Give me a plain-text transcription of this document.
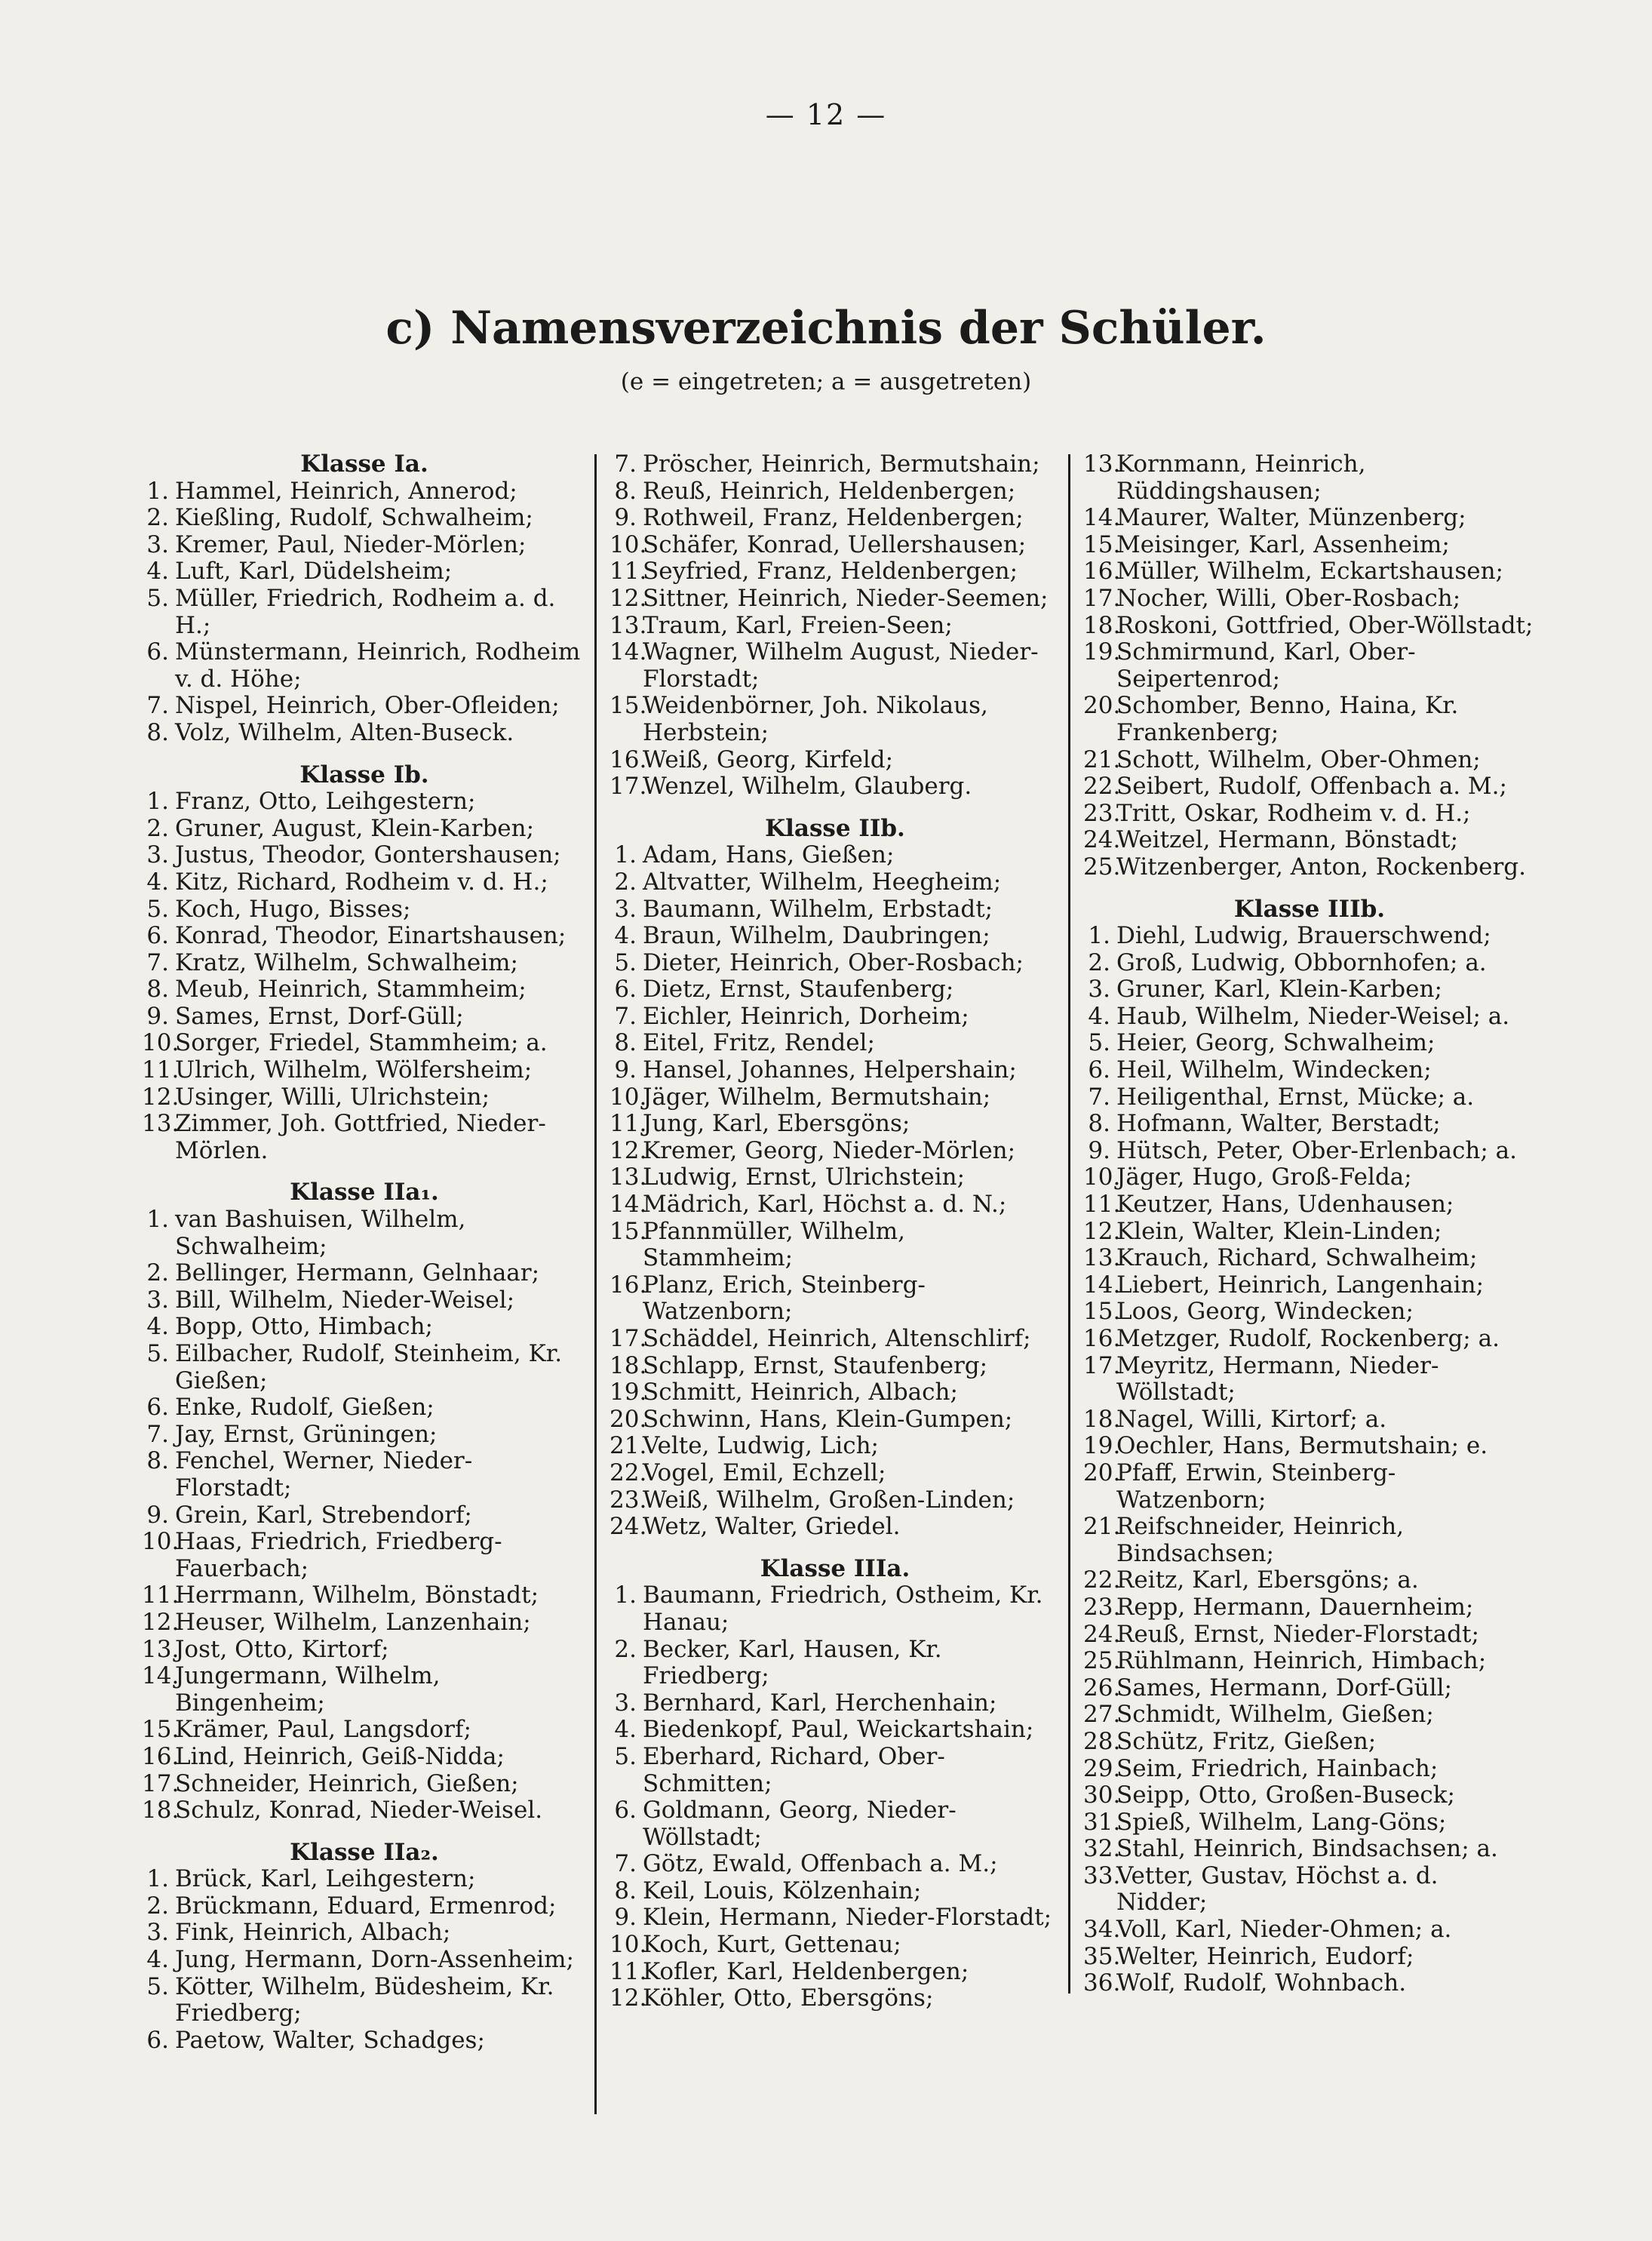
— 12 —
c) Namensverzeichnis der Schüler.
(e = eingetreten; a = ausgetreten)
Klasse Ia.
1. Hammel, Heinrich, Annerod;
2. Kießling, Rudolf, Schwalheim;
3. Kremer, Paul, Nieder-Mörlen;
4. Luft, Karl, Düdelsheim;
5. Müller, Friedrich, Rodheim a. d. H.;
6. Münstermann, Heinrich, Rodheim v. d. Höhe;
7. Nispel, Heinrich, Ober-Ofleiden;
8. Volz, Wilhelm, Alten-Buseck.
Klasse Ib.
1. Franz, Otto, Leihgestern;
2. Gruner, August, Klein-Karben;
3. Justus, Theodor, Gontershausen;
4. Kitz, Richard, Rodheim v. d. H.;
5. Koch, Hugo, Bisses;
6. Konrad, Theodor, Einartshausen;
7. Kratz, Wilhelm, Schwalheim;
8. Meub, Heinrich, Stammheim;
9. Sames, Ernst, Dorf-Güll;
10.
Sorger, Friedel, Stammheim; a.
11.
Ulrich, Wilhelm, Wölfersheim;
12.
Usinger, Willi, Ulrichstein;
13.
Zimmer, Joh. Gottfried, Nieder-Mörlen.
Klasse IIa₁.
1. van Bashuisen, Wilhelm, Schwalheim;
2. Bellinger, Hermann, Gelnhaar;
3. Bill, Wilhelm, Nieder-Weisel;
4. Bopp, Otto, Himbach;
5. Eilbacher, Rudolf, Steinheim, Kr. Gießen;
6. Enke, Rudolf, Gießen;
7. Jay, Ernst, Grüningen;
8. Fenchel, Werner, Nieder-Florstadt;
9. Grein, Karl, Strebendorf;
10.
Haas, Friedrich, Friedberg-Fauerbach;
11.
Herrmann, Wilhelm, Bönstadt;
12.
Heuser, Wilhelm, Lanzenhain;
13.
Jost, Otto, Kirtorf;
14.
Jungermann, Wilhelm, Bingenheim;
15.
Krämer, Paul, Langsdorf;
16.
Lind, Heinrich, Geiß-Nidda;
17.
Schneider, Heinrich, Gießen;
18.
Schulz, Konrad, Nieder-Weisel.
Klasse IIa₂.
1. Brück, Karl, Leihgestern;
2. Brückmann, Eduard, Ermenrod;
3. Fink, Heinrich, Albach;
4. Jung, Hermann, Dorn-Assenheim;
5. Kötter, Wilhelm, Büdesheim, Kr. Friedberg;
6. Paetow, Walter, Schadges;
7. Pröscher, Heinrich, Bermutshain;
8. Reuß, Heinrich, Heldenbergen;
9. Rothweil, Franz, Heldenbergen;
10.
Schäfer, Konrad, Uellershausen;
11.
Seyfried, Franz, Heldenbergen;
12.
Sittner, Heinrich, Nieder-Seemen;
13.
Traum, Karl, Freien-Seen;
14.
Wagner, Wilhelm August, Nieder-Florstadt;
15.
Weidenbörner, Joh. Nikolaus, Herbstein;
16.
Weiß, Georg, Kirfeld;
17.
Wenzel, Wilhelm, Glauberg.
Klasse IIb.
1. Adam, Hans, Gießen;
2. Altvatter, Wilhelm, Heegheim;
3. Baumann, Wilhelm, Erbstadt;
4. Braun, Wilhelm, Daubringen;
5. Dieter, Heinrich, Ober-Rosbach;
6. Dietz, Ernst, Staufenberg;
7. Eichler, Heinrich, Dorheim;
8. Eitel, Fritz, Rendel;
9. Hansel, Johannes, Helpershain;
10.
Jäger, Wilhelm, Bermutshain;
11.
Jung, Karl, Ebersgöns;
12.
Kremer, Georg, Nieder-Mörlen;
13.
Ludwig, Ernst, Ulrichstein;
14.
Mädrich, Karl, Höchst a. d. N.;
15.
Pfannmüller, Wilhelm, Stammheim;
16.
Planz, Erich, Steinberg-Watzenborn;
17.
Schäddel, Heinrich, Altenschlirf;
18.
Schlapp, Ernst, Staufenberg;
19.
Schmitt, Heinrich, Albach;
20.
Schwinn, Hans, Klein-Gumpen;
21.
Velte, Ludwig, Lich;
22.
Vogel, Emil, Echzell;
23.
Weiß, Wilhelm, Großen-Linden;
24.
Wetz, Walter, Griedel.
Klasse IIIa.
1. Baumann, Friedrich, Ostheim, Kr. Hanau;
2. Becker, Karl, Hausen, Kr. Friedberg;
3. Bernhard, Karl, Herchenhain;
4. Biedenkopf, Paul, Weickartshain;
5. Eberhard, Richard, Ober-Schmitten;
6. Goldmann, Georg, Nieder-Wöllstadt;
7. Götz, Ewald, Offenbach a. M.;
8. Keil, Louis, Kölzenhain;
9. Klein, Hermann, Nieder-Florstadt;
10.
Koch, Kurt, Gettenau;
11.
Kofler, Karl, Heldenbergen;
12.
Köhler, Otto, Ebersgöns;
13.
Kornmann, Heinrich, Rüddingshausen;
14.
Maurer, Walter, Münzenberg;
15.
Meisinger, Karl, Assenheim;
16.
Müller, Wilhelm, Eckartshausen;
17.
Nocher, Willi, Ober-Rosbach;
18.
Roskoni, Gottfried, Ober-Wöllstadt;
19.
Schmirmund, Karl, Ober-Seipertenrod;
20.
Schomber, Benno, Haina, Kr. Frankenberg;
21.
Schott, Wilhelm, Ober-Ohmen;
22.
Seibert, Rudolf, Offenbach a. M.;
23.
Tritt, Oskar, Rodheim v. d. H.;
24.
Weitzel, Hermann, Bönstadt;
25.
Witzenberger, Anton, Rockenberg.
Klasse IIIb.
1. Diehl, Ludwig, Brauerschwend;
2. Groß, Ludwig, Obbornhofen; a.
3. Gruner, Karl, Klein-Karben;
4. Haub, Wilhelm, Nieder-Weisel; a.
5. Heier, Georg, Schwalheim;
6. Heil, Wilhelm, Windecken;
7. Heiligenthal, Ernst, Mücke; a.
8. Hofmann, Walter, Berstadt;
9. Hütsch, Peter, Ober-Erlenbach; a.
10.
Jäger, Hugo, Groß-Felda;
11.
Keutzer, Hans, Udenhausen;
12.
Klein, Walter, Klein-Linden;
13.
Krauch, Richard, Schwalheim;
14.
Liebert, Heinrich, Langenhain;
15.
Loos, Georg, Windecken;
16.
Metzger, Rudolf, Rockenberg; a.
17.
Meyritz, Hermann, Nieder-Wöllstadt;
18.
Nagel, Willi, Kirtorf; a.
19.
Oechler, Hans, Bermutshain; e.
20.
Pfaff, Erwin, Steinberg-Watzenborn;
21.
Reifschneider, Heinrich, Bindsachsen;
22.
Reitz, Karl, Ebersgöns; a.
23.
Repp, Hermann, Dauernheim;
24.
Reuß, Ernst, Nieder-Florstadt;
25.
Rühlmann, Heinrich, Himbach;
26.
Sames, Hermann, Dorf-Güll;
27.
Schmidt, Wilhelm, Gießen;
28.
Schütz, Fritz, Gießen;
29.
Seim, Friedrich, Hainbach;
30.
Seipp, Otto, Großen-Buseck;
31.
Spieß, Wilhelm, Lang-Göns;
32.
Stahl, Heinrich, Bindsachsen; a.
33.
Vetter, Gustav, Höchst a. d. Nidder;
34.
Voll, Karl, Nieder-Ohmen; a.
35.
Welter, Heinrich, Eudorf;
36.
Wolf, Rudolf, Wohnbach.
